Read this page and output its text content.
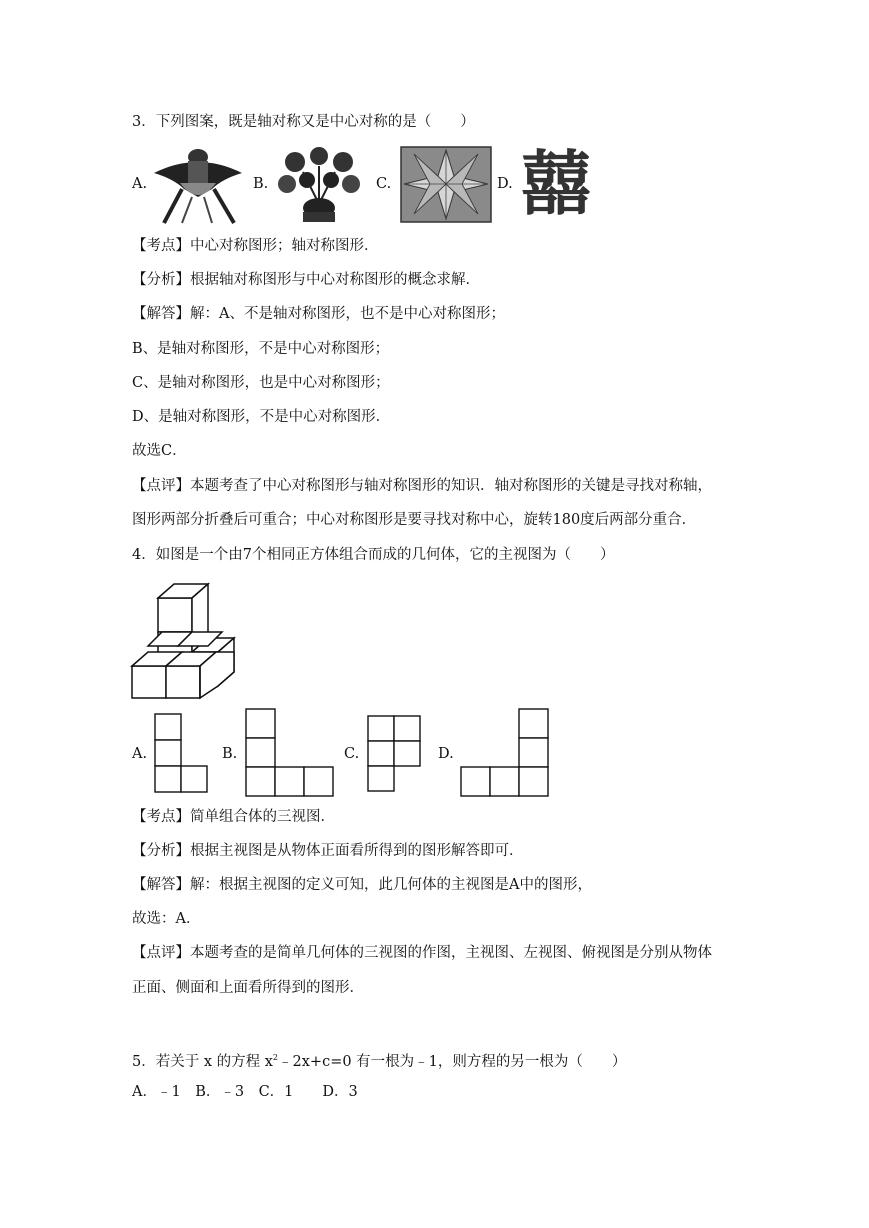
3．下列图案，既是轴对称又是中心对称的是（　　）
A.	B.	C.	D. 囍
【考点】中心对称图形；轴对称图形．
【分析】根据轴对称图形与中心对称图形的概念求解．
【解答】解：A、不是轴对称图形，也不是中心对称图形；
B、是轴对称图形，不是中心对称图形；
C、是轴对称图形，也是中心对称图形；
D、是轴对称图形，不是中心对称图形．
故选C．
【点评】本题考查了中心对称图形与轴对称图形的知识．轴对称图形的关键是寻找对称轴，
图形两部分折叠后可重合；中心对称图形是要寻找对称中心，旋转180度后两部分重合．
4．如图是一个由7个相同正方体组合而成的几何体，它的主视图为（　　）
A.	B.	C.	D.
【考点】简单组合体的三视图．
【分析】根据主视图是从物体正面看所得到的图形解答即可．
【解答】解：根据主视图的定义可知，此几何体的主视图是A中的图形，
故选：A．
【点评】本题考查的是简单几何体的三视图的作图，主视图、左视图、俯视图是分别从物体
正面、侧面和上面看所得到的图形．
5．若关于 x 的方程 $x^2﹣2x+c=0$ 有一根为﹣1，则方程的另一根为（　　）
A．﹣1　B．﹣3　C．1　　D．3
